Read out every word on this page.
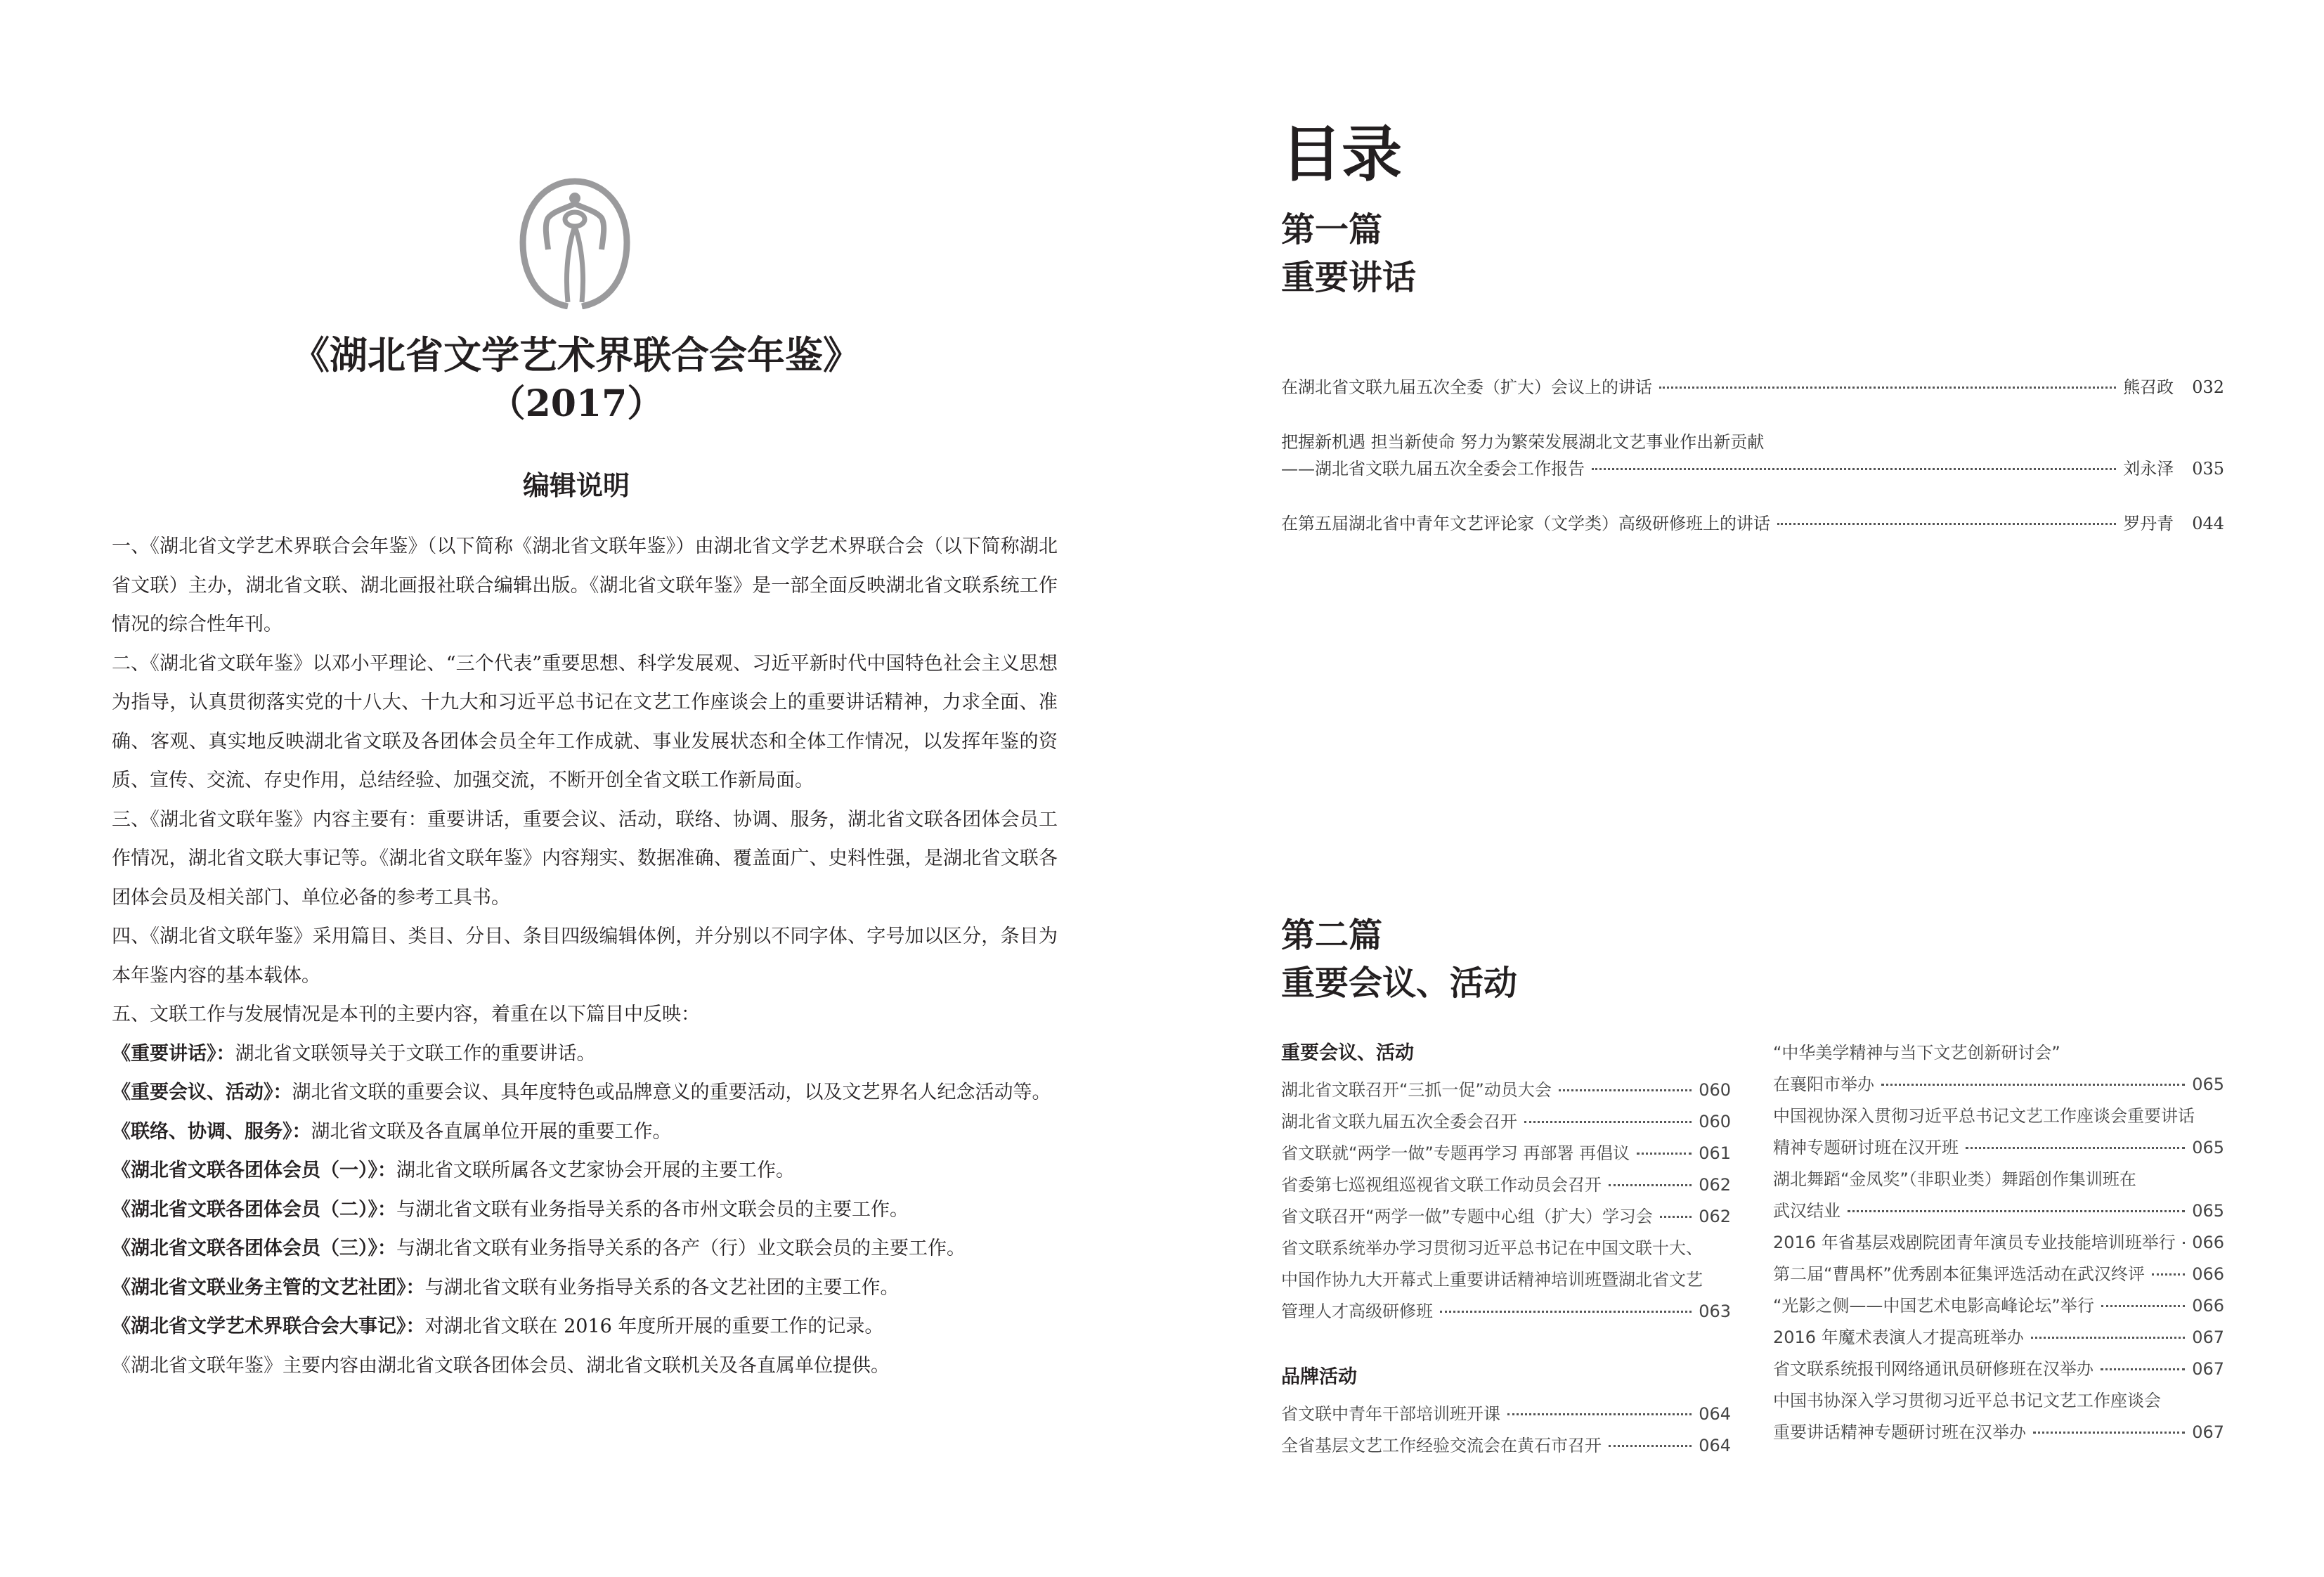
《湖北省文学艺术界联合会年鉴》
（2017）
编辑说明

一、《湖北省文学艺术界联合会年鉴》（以下简称《湖北省文联年鉴》）由湖北省文学艺术界联合会（以下简称湖北省文联）主办，湖北省文联、湖北画报社联合编辑出版。《湖北省文联年鉴》是一部全面反映湖北省文联系统工作情况的综合性年刊。

二、《湖北省文联年鉴》以邓小平理论、“三个代表”重要思想、科学发展观、习近平新时代中国特色社会主义思想为指导，认真贯彻落实党的十八大、十九大和习近平总书记在文艺工作座谈会上的重要讲话精神，力求全面、准确、客观、真实地反映湖北省文联及各团体会员全年工作成就、事业发展状态和全体工作情况，以发挥年鉴的资质、宣传、交流、存史作用，总结经验、加强交流，不断开创全省文联工作新局面。

三、《湖北省文联年鉴》内容主要有：重要讲话，重要会议、活动，联络、协调、服务，湖北省文联各团体会员工作情况，湖北省文联大事记等。《湖北省文联年鉴》内容翔实、数据准确、覆盖面广、史料性强，是湖北省文联各团体会员及相关部门、单位必备的参考工具书。

四、《湖北省文联年鉴》采用篇目、类目、分目、条目四级编辑体例，并分别以不同字体、字号加以区分，条目为本年鉴内容的基本载体。

五、文联工作与发展情况是本刊的主要内容，着重在以下篇目中反映：

《重要讲话》：湖北省文联领导关于文联工作的重要讲话。

《重要会议、活动》：湖北省文联的重要会议、具年度特色或品牌意义的重要活动，以及文艺界名人纪念活动等。

《联络、协调、服务》：湖北省文联及各直属单位开展的重要工作。

《湖北省文联各团体会员（一）》：湖北省文联所属各文艺家协会开展的主要工作。

《湖北省文联各团体会员（二）》：与湖北省文联有业务指导关系的各市州文联会员的主要工作。

《湖北省文联各团体会员（三）》：与湖北省文联有业务指导关系的各产（行）业文联会员的主要工作。

《湖北省文联业务主管的文艺社团》：与湖北省文联有业务指导关系的各文艺社团的主要工作。

《湖北省文学艺术界联合会大事记》：对湖北省文联在 2016 年度所开展的重要工作的记录。

《湖北省文联年鉴》主要内容由湖北省文联各团体会员、湖北省文联机关及各直属单位提供。

目录
第一篇
重要讲话
在湖北省文联九届五次全委（扩大）会议上的讲话	熊召政 032
把握新机遇 担当新使命 努力为繁荣发展湖北文艺事业作出新贡献
——湖北省文联九届五次全委会工作报告	刘永泽 035
在第五届湖北省中青年文艺评论家（文学类）高级研修班上的讲话	罗丹青 044
第二篇
重要会议、活动
重要会议、活动
湖北省文联召开“三抓一促”动员大会	060
湖北省文联九届五次全委会召开	060
省文联就“两学一做”专题再学习 再部署 再倡议	061
省委第七巡视组巡视省文联工作动员会召开	062
省文联召开“两学一做”专题中心组（扩大）学习会	062
省文联系统举办学习贯彻习近平总书记在中国文联十大、
中国作协九大开幕式上重要讲话精神培训班暨湖北省文艺
管理人才高级研修班	063
品牌活动
省文联中青年干部培训班开课	064
全省基层文艺工作经验交流会在黄石市召开	064
“中华美学精神与当下文艺创新研讨会”
在襄阳市举办	065
中国视协深入贯彻习近平总书记文艺工作座谈会重要讲话
精神专题研讨班在汉开班	065
湖北舞蹈“金凤奖”（非职业类）舞蹈创作集训班在
武汉结业	065
2016 年省基层戏剧院团青年演员专业技能培训班举行 066
第二届“曹禺杯”优秀剧本征集评选活动在武汉终评	066
“光影之侧——中国艺术电影高峰论坛”举行	066
2016 年魔术表演人才提高班举办	067
省文联系统报刊网络通讯员研修班在汉举办	067
中国书协深入学习贯彻习近平总书记文艺工作座谈会
重要讲话精神专题研讨班在汉举办	067
